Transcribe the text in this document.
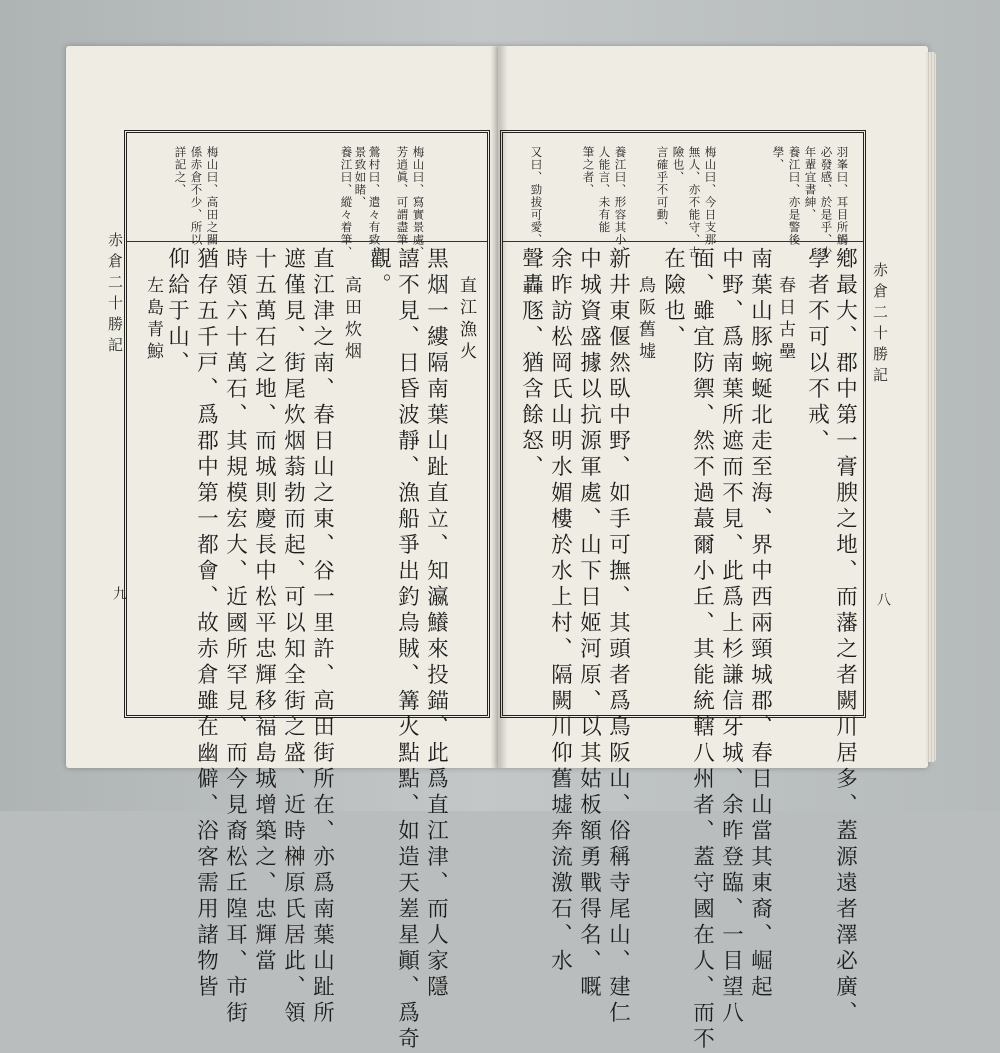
赤倉二十勝記
九
梅山曰、寫實景處、
芳逍眞、可謂盡筆
鶯村曰、遣々有致、
景致如睹、
養江曰、縱々着筆、
梅山曰、高田之關
係赤倉不少、所以
詳記之、
直江漁火
黒烟一縷隔南葉山趾直立、知瀛鱶來投錨、此爲直江津、而人家隱
譆不見、日昏波靜、漁船爭出釣烏賊、篝火點點、如造天嵳星顚、爲奇
觀。
高田炊烟
直江津之南、春日山之東、谷一里許、高田街所在、亦爲南葉山趾所
遮僅見、街尾炊烟蓊勃而起、可以知全街之盛、近時榊原氏居此、領
十五萬石之地、而城則慶長中松平忠輝移福島城增築之、忠輝當
時領六十萬石、其規模宏大、近國所罕見、而今見裔松丘隍耳、市街
猶存五千戸、爲郡中第一都會、故赤倉雖在幽僻、浴客需用諸物皆
仰給于山、
左島青鯨	赤倉二十勝記
八
羽峯曰、耳目所觸
必發感、於是乎、少
年輩宜書紳、
養江曰、亦是警後
學、
梅山曰、今日支那
無人、亦不能守、古
險也、
言確乎不可動、
養江曰、形容其小、
人能言、未有能
筆之者、
又曰、勁拔可愛、
鄕最大、郡中第一膏腴之地、而藩之者闕川居多、蓋源遠者澤必廣、
學者不可以不戒、
春日古壘
南葉山豚蜿蜒北走至海、界中西兩頸城郡、春日山當其東裔、崛起
中野、爲南葉所遮而不見、此爲上杉謙信牙城、余昨登臨、一目望八
面、雖宜防禦、然不過蕞爾小丘、其能統轄八州者、蓋守國在人、而不
在險也、
鳥阪舊墟
新井東偃然臥中野、如手可撫、其頭者爲鳥阪山、俗稱寺尾山、建仁
中城資盛據以抗源軍處、山下日姬河原、以其姑板額勇戰得名、嘅
余昨訪松岡氏山明水媚樓於水上村、隔闕川仰舊墟奔流激石、水
聲轟豗、猶含餘怒、
